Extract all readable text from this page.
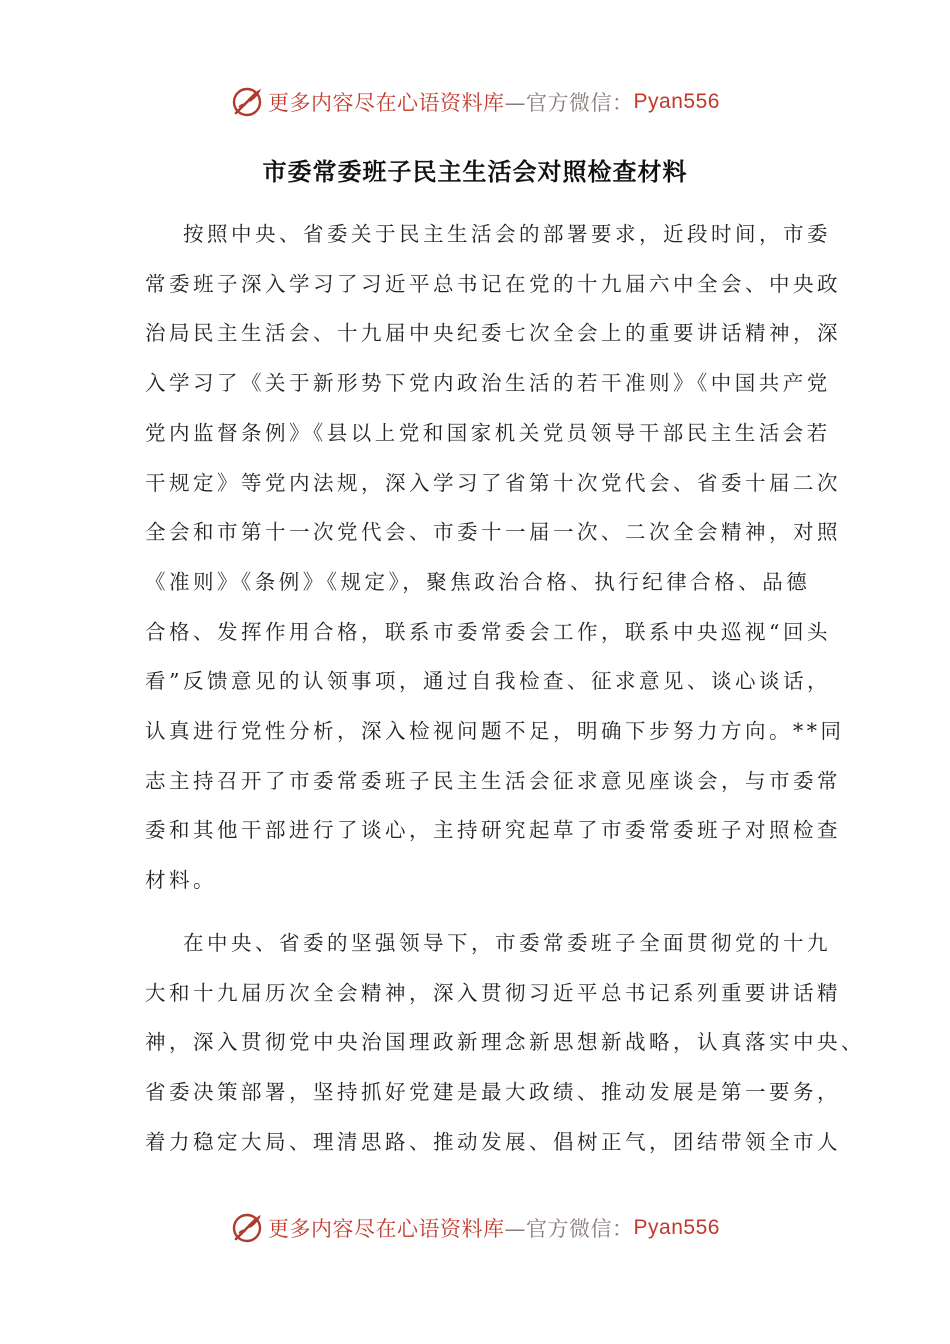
更多内容尽在心语资料库 —官方微信： Pyan556
市委常委班子民主生活会对照检查材料
按照中央、省委关于民主生活会的部署要求，近段时间，市委
常委班子深入学习了习近平总书记在党的十九届六中全会、中央政
治局民主生活会、十九届中央纪委七次全会上的重要讲话精神，深
入学习了《关于新形势下党内政治生活的若干准则》《中国共产党
党内监督条例》《县以上党和国家机关党员领导干部民主生活会若
干规定》等党内法规，深入学习了省第十次党代会、省委十届二次
全会和市第十一次党代会、市委十一届一次、二次全会精神，对照
《准则》《条例》《规定》，聚焦政治合格、执行纪律合格、品德
合格、发挥作用合格，联系市委常委会工作，联系中央巡视“回头
看”反馈意见的认领事项，通过自我检查、征求意见、谈心谈话，
认真进行党性分析，深入检视问题不足，明确下步努力方向。**同
志主持召开了市委常委班子民主生活会征求意见座谈会，与市委常
委和其他干部进行了谈心，主持研究起草了市委常委班子对照检查
材料。
在中央、省委的坚强领导下，市委常委班子全面贯彻党的十九
大和十九届历次全会精神，深入贯彻习近平总书记系列重要讲话精
神，深入贯彻党中央治国理政新理念新思想新战略，认真落实中央、
省委决策部署，坚持抓好党建是最大政绩、推动发展是第一要务，
着力稳定大局、理清思路、推动发展、倡树正气，团结带领全市人
更多内容尽在心语资料库 —官方微信： Pyan556
